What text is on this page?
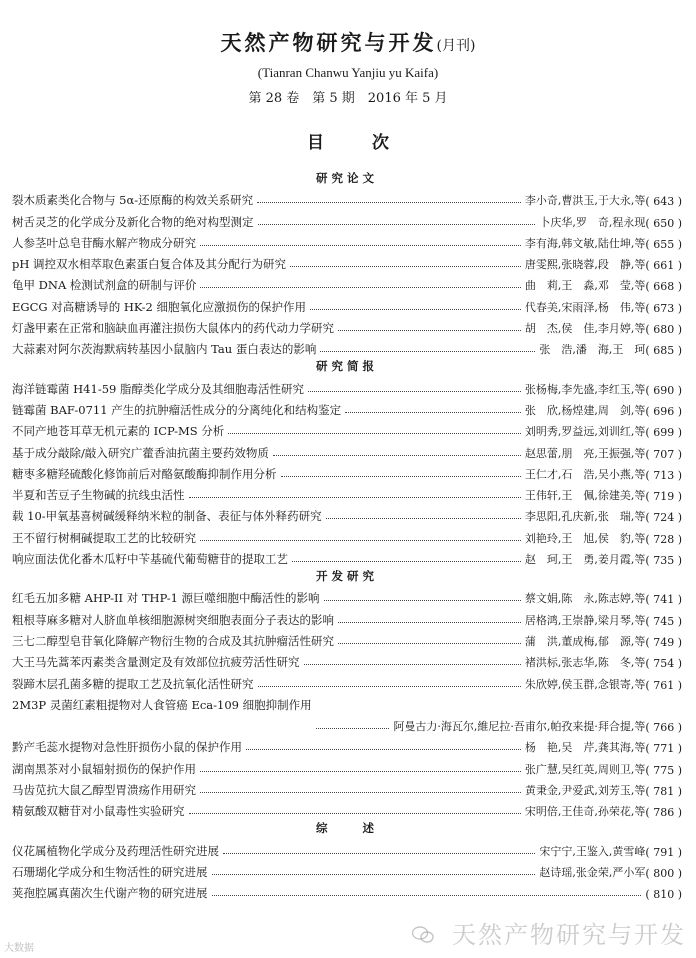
天然产物研究与开发(月刊)
(Tianran Chanwu Yanjiu yu Kaifa)
第 28 卷　第 5 期　2016 年 5 月
目次
研究论文
裂木质素类化合物与 5α-还原酶的构效关系研究	李小奇,曹洪玉,于大永,等 ( 643 )
树舌灵芝的化学成分及新化合物的绝对构型测定	卜庆华,罗　奇,程永现 ( 650 )
人参茎叶总皂苷酶水解产物成分研究	李有海,韩文敏,陆仕坤,等 ( 655 )
pH 调控双水相萃取色素蛋白复合体及其分配行为研究	唐雯熙,张晓蓉,段　静,等 ( 661 )
龟甲 DNA 检测试剂盒的研制与评价	曲　莉,王　淼,邓　莹,等 ( 668 )
EGCG 对高糖诱导的 HK-2 细胞氧化应激损伤的保护作用	代春美,宋雨泽,杨　伟,等 ( 673 )
灯盏甲素在正常和脑缺血再灌注损伤大鼠体内的药代动力学研究	胡　杰,侯　佳,李月婷,等 ( 680 )
大蒜素对阿尔茨海默病转基因小鼠脑内 Tau 蛋白表达的影响	张　浩,潘　海,王　珂 ( 685 )
研究简报
海洋链霉菌 H41-59 脂醇类化学成分及其细胞毒活性研究	张杨梅,李先盛,李红玉,等 ( 690 )
链霉菌 BAF-0711 产生的抗肿瘤活性成分的分离纯化和结构鉴定	张　欣,杨煌建,周　剑,等 ( 696 )
不同产地苍耳草无机元素的 ICP-MS 分析	刘明秀,罗益远,刘训红,等 ( 699 )
基于成分敲除/敲入研究广藿香油抗菌主要药效物质	赵思蕾,朋　亮,王振强,等 ( 707 )
糖枣多糖羟硫酸化修饰前后对酪氨酸酶抑制作用分析	王仁才,石　浩,吴小燕,等 ( 713 )
半夏和苦豆子生物碱的抗线虫活性	王伟轩,王　佩,徐建美,等 ( 719 )
载 10-甲氧基喜树碱缓释纳米粒的制备、表征与体外释药研究	李思阳,孔庆新,张　瑞,等 ( 724 )
王不留行树桐碱提取工艺的比较研究	刘艳玲,王　旭,侯　豹,等 ( 728 )
响应面法优化番木瓜籽中苄基硫代葡萄糖苷的提取工艺	赵　珂,王　勇,姜月霞,等 ( 735 )
开发研究
红毛五加多糖 AHP-II 对 THP-1 源巨噬细胞中酶活性的影响	蔡文娟,陈　永,陈志婷,等 ( 741 )
粗根荨麻多糖对人脐血单核细胞源树突细胞表面分子表达的影响	居格鸿,王崇静,梁月琴,等 ( 745 )
三七二醇型皂苷氧化降解产物衍生物的合成及其抗肿瘤活性研究	蒲　洪,董成梅,郁　源,等 ( 749 )
大王马先蒿苯丙素类含量测定及有效部位抗疲劳活性研究	褚洪标,张志华,陈　冬,等 ( 754 )
裂蹄木层孔菌多糖的提取工艺及抗氧化活性研究	朱欣婷,侯玉群,念银寄,等 ( 761 )
2M3P 灵菌红素粗提物对人食管癌 Eca-109 细胞抑制作用
阿曼古力·海瓦尔,維尼拉·吾甫尔,帕孜来提·拜合提,等 ( 766 )
黔产毛蕊水提物对急性肝损伤小鼠的保护作用	杨　艳,吴　芹,龚其海,等 ( 771 )
湖南黑茶对小鼠辐射损伤的保护作用	张广慧,吴红英,周则卫,等 ( 775 )
马齿苋抗大鼠乙醇型胃溃疡作用研究	黄秉金,尹爱武,刘芳玉,等 ( 781 )
精氨酸双糖苷对小鼠毒性实验研究	宋明倍,王佳奇,孙荣花,等 ( 786 )
综　　述
仪花属植物化学成分及药理活性研究进展	宋宁宁,王鉴入,黄雪峰 ( 791 )
石珊瑚化学成分和生物活性的研究进展	赵诗瑶,张金荣,严小军 ( 800 )
荚孢腔属真菌次生代谢产物的研究进展	( 810 )
天然产物研究与开发
大数据
